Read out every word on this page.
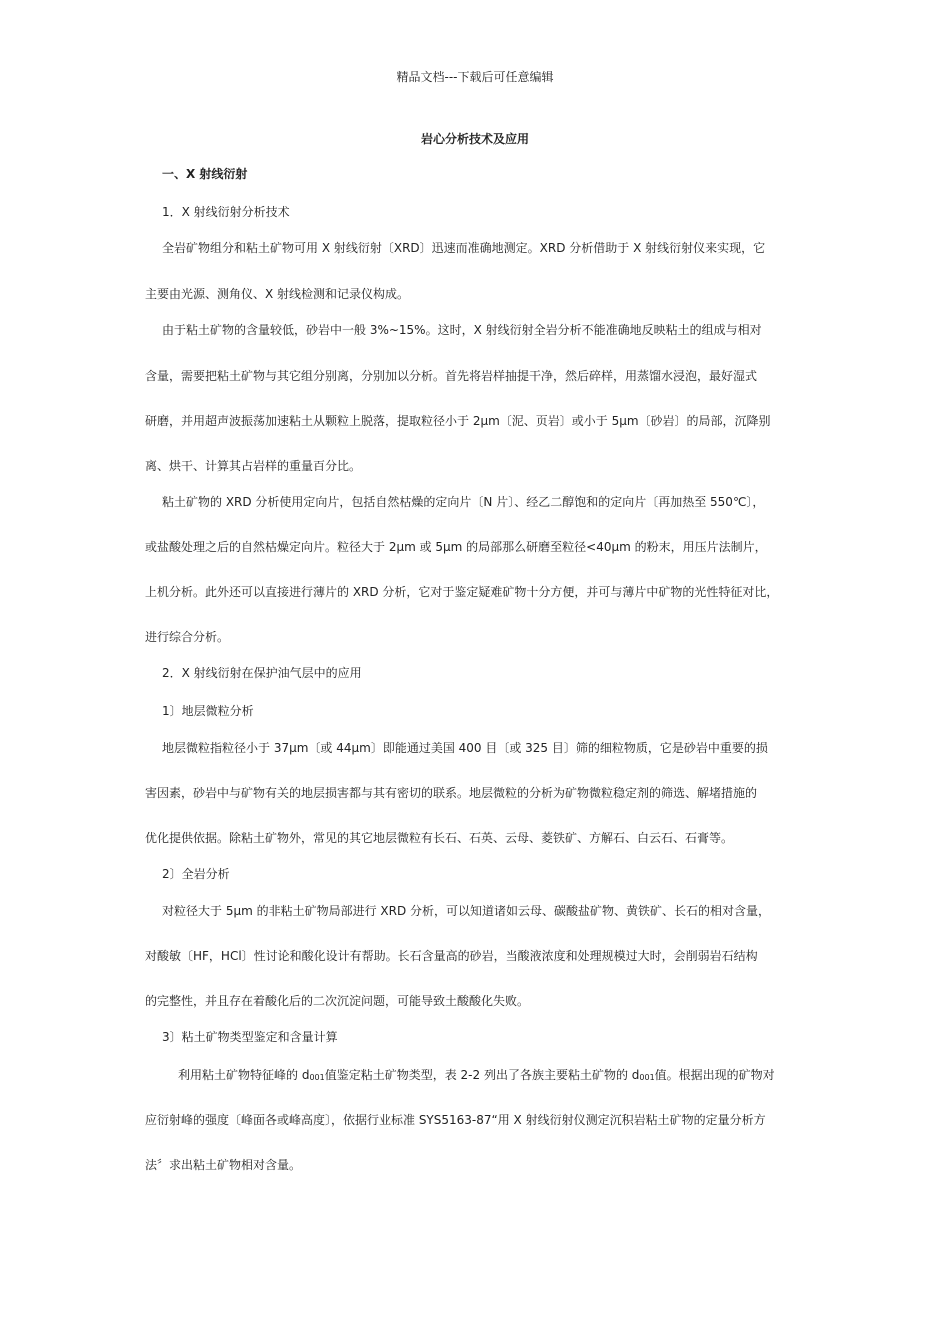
精品文档---下载后可任意编辑
岩心分析技术及应用
一、X 射线衍射
1．X 射线衍射分析技术
全岩矿物组分和粘土矿物可用 X 射线衍射〔XRD〕迅速而准确地测定。XRD 分析借助于 X 射线衍射仪来实现，它
主要由光源、测角仪、X 射线检测和记录仪构成。
由于粘土矿物的含量较低，砂岩中一般 3%~15%。这时，X 射线衍射全岩分析不能准确地反映粘土的组成与相对
含量，需要把粘土矿物与其它组分别离，分别加以分析。首先将岩样抽提干净，然后碎样，用蒸馏水浸泡，最好湿式
研磨，并用超声波振荡加速粘土从颗粒上脱落，提取粒径小于 2μm〔泥、页岩〕或小于 5μm〔砂岩〕的局部，沉降别
离、烘干、计算其占岩样的重量百分比。
粘土矿物的 XRD 分析使用定向片，包括自然枯燥的定向片〔N 片〕、经乙二醇饱和的定向片〔再加热至 550℃〕，
或盐酸处理之后的自然枯燥定向片。粒径大于 2μm 或 5μm 的局部那么研磨至粒径<40μm 的粉末，用压片法制片，
上机分析。此外还可以直接进行薄片的 XRD 分析，它对于鉴定疑难矿物十分方便，并可与薄片中矿物的光性特征对比，
进行综合分析。
2．X 射线衍射在保护油气层中的应用
1〕地层微粒分析
地层微粒指粒径小于 37μm〔或 44μm〕即能通过美国 400 目〔或 325 目〕筛的细粒物质，它是砂岩中重要的损
害因素，砂岩中与矿物有关的地层损害都与其有密切的联系。地层微粒的分析为矿物微粒稳定剂的筛选、解堵措施的
优化提供依据。除粘土矿物外，常见的其它地层微粒有长石、石英、云母、菱铁矿、方解石、白云石、石膏等。
2〕全岩分析
对粒径大于 5μm 的非粘土矿物局部进行 XRD 分析，可以知道诸如云母、碳酸盐矿物、黄铁矿、长石的相对含量，
对酸敏〔HF，HCl〕性讨论和酸化设计有帮助。长石含量高的砂岩，当酸液浓度和处理规模过大时，会削弱岩石结构
的完整性，并且存在着酸化后的二次沉淀问题，可能导致土酸酸化失败。
3〕粘土矿物类型鉴定和含量计算
利用粘土矿物特征峰的 d001值鉴定粘土矿物类型，表 2-2 列出了各族主要粘土矿物的 d001值。根据出现的矿物对
应衍射峰的强度〔峰面各或峰高度〕，依据行业标准 SYS5163-87“用 X 射线衍射仪测定沉积岩粘土矿物的定量分析方
法〞求出粘土矿物相对含量。
